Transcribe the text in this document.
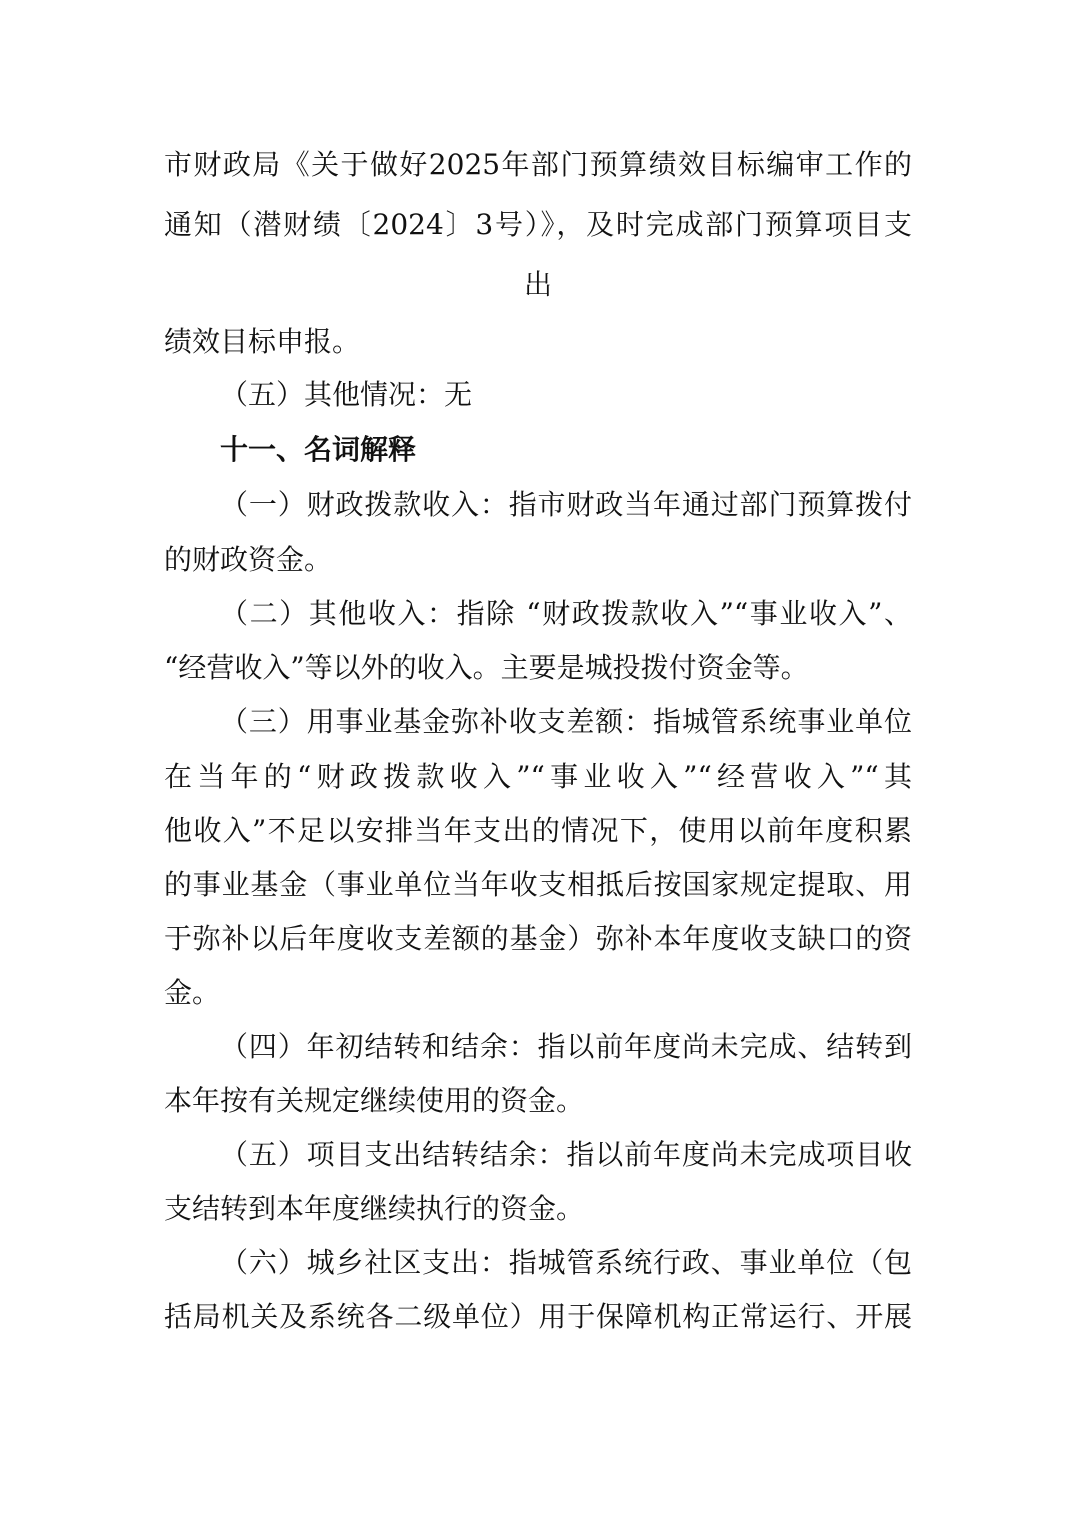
市财政局《关于做好2025年部门预算绩效目标编审工作的
通知（潜财绩〔2024〕3号）》，及时完成部门预算项目支
出
绩效目标申报。
（五）其他情况：无
十一、名词解释
（一）财政拨款收入：指市财政当年通过部门预算拨付
的财政资金。
（二）其他收入：指除 “财政拨款收入”“事业收入”、
“经营收入”等以外的收入。主要是城投拨付资金等。
（三）用事业基金弥补收支差额：指城管系统事业单位
在当年的“财政拨款收入”“事业收入”“经营收入”“其
他收入”不足以安排当年支出的情况下，使用以前年度积累
的事业基金（事业单位当年收支相抵后按国家规定提取、用
于弥补以后年度收支差额的基金）弥补本年度收支缺口的资
金。
（四）年初结转和结余：指以前年度尚未完成、结转到
本年按有关规定继续使用的资金。
（五）项目支出结转结余：指以前年度尚未完成项目收
支结转到本年度继续执行的资金。
（六）城乡社区支出：指城管系统行政、事业单位（包
括局机关及系统各二级单位）用于保障机构正常运行、开展
